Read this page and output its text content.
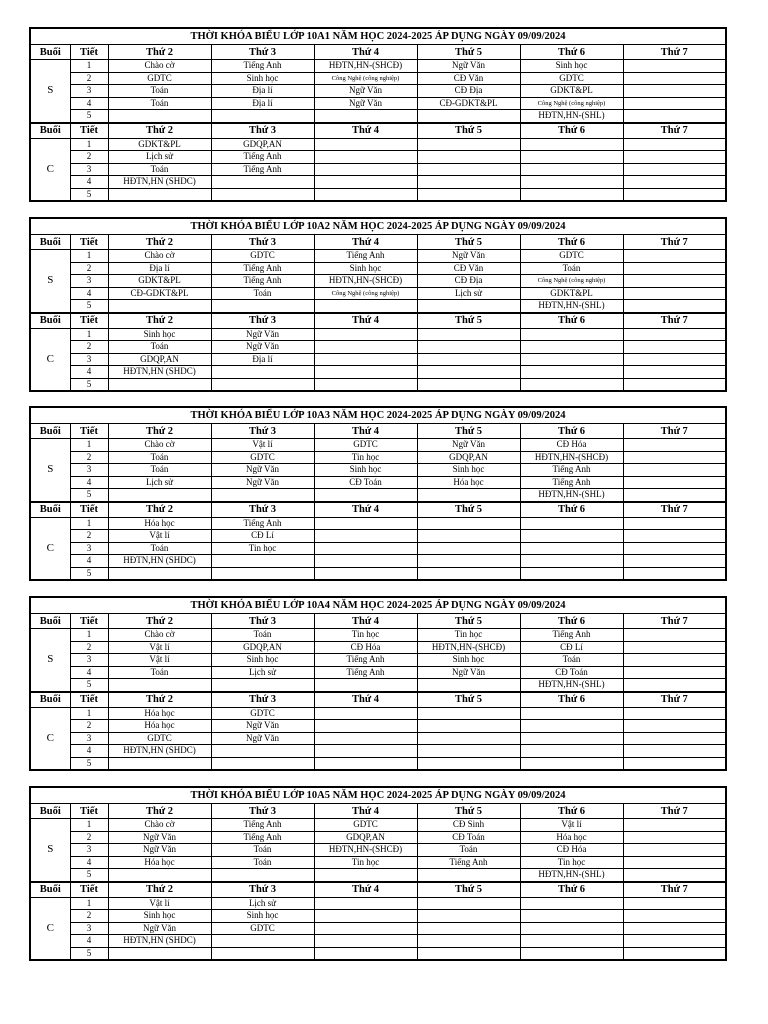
THỜI KHÓA BIỂU LỚP 10A1 NĂM HỌC 2024-2025 ÁP DỤNG NGÀY 09/09/2024							
Buổi	Tiết	Thứ 2	Thứ 3	Thứ 4	Thứ 5	Thứ 6	Thứ 7
S	1	Chào cờ	Tiếng Anh	HĐTN,HN-(SHCĐ)	Ngữ Văn	Sinh học	
	2	GDTC	Sinh học	Công Nghệ (công nghiệp)	CĐ Văn	GDTC	
	3	Toán	Địa lí	Ngữ Văn	CĐ Địa	GDKT&PL	
	4	Toán	Địa lí	Ngữ Văn	CĐ-GDKT&PL	Công Nghệ (công nghiệp)	
	5					HĐTN,HN-(SHL)	
Buổi	Tiết	Thứ 2	Thứ 3	Thứ 4	Thứ 5	Thứ 6	Thứ 7
C	1	GDKT&PL	GDQP,AN				
	2	Lịch sử	Tiếng Anh				
	3	Toán	Tiếng Anh				
	4	HĐTN,HN (SHDC)					
	5						
THỜI KHÓA BIỂU LỚP 10A2 NĂM HỌC 2024-2025 ÁP DỤNG NGÀY 09/09/2024							
Buổi	Tiết	Thứ 2	Thứ 3	Thứ 4	Thứ 5	Thứ 6	Thứ 7
S	1	Chào cờ	GDTC	Tiếng Anh	Ngữ Văn	GDTC	
	2	Địa lí	Tiếng Anh	Sinh học	CĐ Văn	Toán	
	3	GDKT&PL	Tiếng Anh	HĐTN,HN-(SHCĐ)	CĐ Địa	Công Nghệ (công nghiệp)	
	4	CĐ-GDKT&PL	Toán	Công Nghệ (công nghiệp)	Lịch sử	GDKT&PL	
	5					HĐTN,HN-(SHL)	
Buổi	Tiết	Thứ 2	Thứ 3	Thứ 4	Thứ 5	Thứ 6	Thứ 7
C	1	Sinh học	Ngữ Văn				
	2	Toán	Ngữ Văn				
	3	GDQP,AN	Địa lí				
	4	HĐTN,HN (SHDC)					
	5						
THỜI KHÓA BIỂU LỚP 10A3 NĂM HỌC 2024-2025 ÁP DỤNG NGÀY 09/09/2024							
Buổi	Tiết	Thứ 2	Thứ 3	Thứ 4	Thứ 5	Thứ 6	Thứ 7
S	1	Chào cờ	Vật lí	GDTC	Ngữ Văn	CĐ Hóa	
	2	Toán	GDTC	Tin học	GDQP,AN	HĐTN,HN-(SHCĐ)	
	3	Toán	Ngữ Văn	Sinh học	Sinh học	Tiếng Anh	
	4	Lịch sử	Ngữ Văn	CĐ Toán	Hóa học	Tiếng Anh	
	5					HĐTN,HN-(SHL)	
Buổi	Tiết	Thứ 2	Thứ 3	Thứ 4	Thứ 5	Thứ 6	Thứ 7
C	1	Hóa học	Tiếng Anh				
	2	Vật lí	CĐ Lí				
	3	Toán	Tin học				
	4	HĐTN,HN (SHDC)					
	5						
THỜI KHÓA BIỂU LỚP 10A4 NĂM HỌC 2024-2025 ÁP DỤNG NGÀY 09/09/2024							
Buổi	Tiết	Thứ 2	Thứ 3	Thứ 4	Thứ 5	Thứ 6	Thứ 7
S	1	Chào cờ	Toán	Tin học	Tin học	Tiếng Anh	
	2	Vật lí	GDQP,AN	CĐ Hóa	HĐTN,HN-(SHCĐ)	CĐ Lí	
	3	Vật lí	Sinh học	Tiếng Anh	Sinh học	Toán	
	4	Toán	Lịch sử	Tiếng Anh	Ngữ Văn	CĐ Toán	
	5					HĐTN,HN-(SHL)	
Buổi	Tiết	Thứ 2	Thứ 3	Thứ 4	Thứ 5	Thứ 6	Thứ 7
C	1	Hóa học	GDTC				
	2	Hóa học	Ngữ Văn				
	3	GDTC	Ngữ Văn				
	4	HĐTN,HN (SHDC)					
	5						
THỜI KHÓA BIỂU LỚP 10A5 NĂM HỌC 2024-2025 ÁP DỤNG NGÀY 09/09/2024							
Buổi	Tiết	Thứ 2	Thứ 3	Thứ 4	Thứ 5	Thứ 6	Thứ 7
S	1	Chào cờ	Tiếng Anh	GDTC	CĐ Sinh	Vật lí	
	2	Ngữ Văn	Tiếng Anh	GDQP,AN	CĐ Toán	Hóa học	
	3	Ngữ Văn	Toán	HĐTN,HN-(SHCĐ)	Toán	CĐ Hóa	
	4	Hóa học	Toán	Tin học	Tiếng Anh	Tin học	
	5					HĐTN,HN-(SHL)	
Buổi	Tiết	Thứ 2	Thứ 3	Thứ 4	Thứ 5	Thứ 6	Thứ 7
C	1	Vật lí	Lịch sử				
	2	Sinh học	Sinh học				
	3	Ngữ Văn	GDTC				
	4	HĐTN,HN (SHDC)					
	5						
